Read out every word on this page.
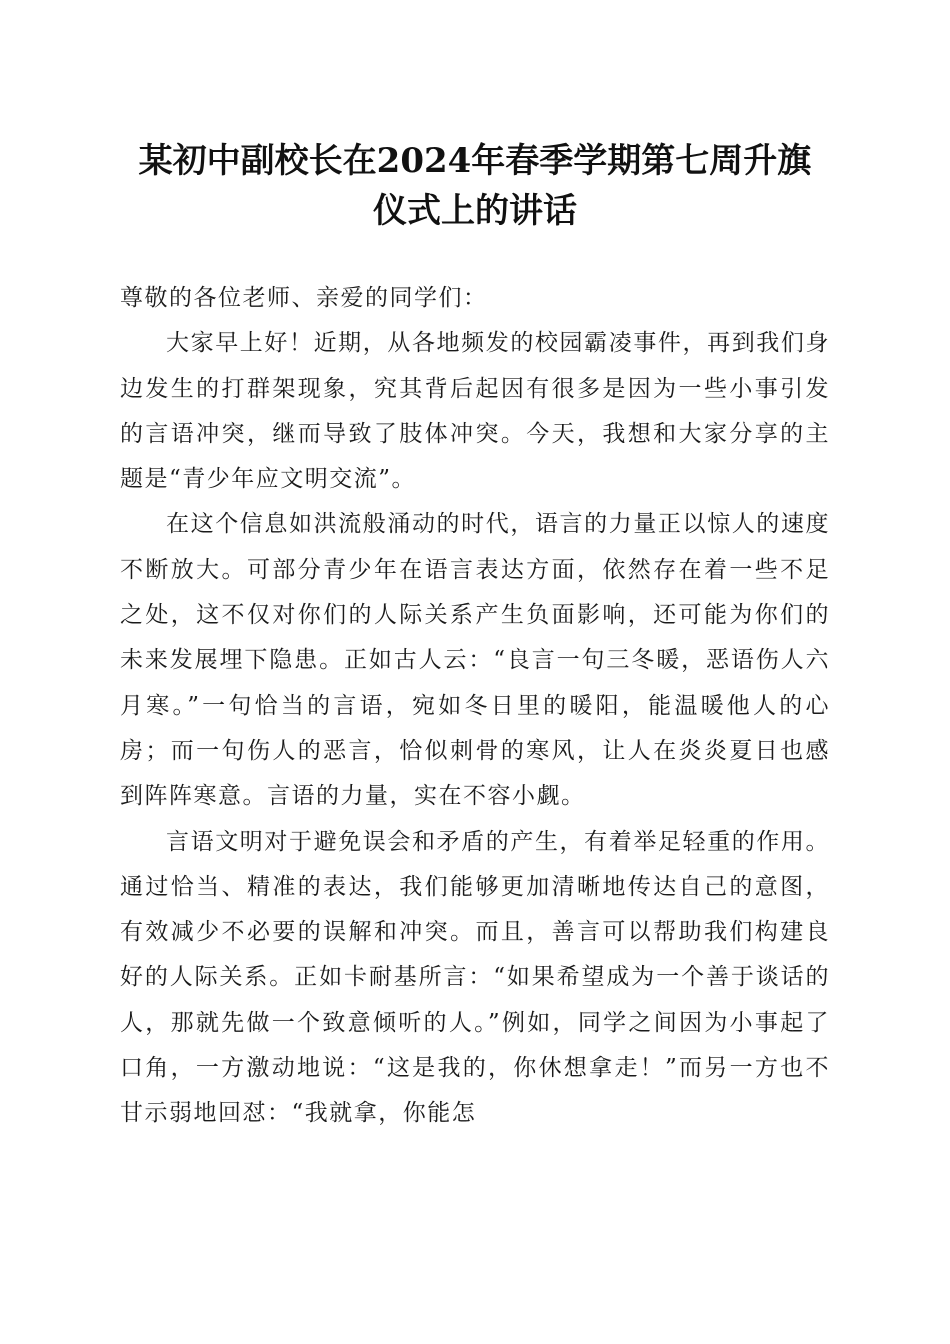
某初中副校长在2024年春季学期第七周升旗
仪式上的讲话

尊敬的各位老师、亲爱的同学们：

大家早上好！近期，从各地频发的校园霸凌事件，再到我们身边发生的打群架现象，究其背后起因有很多是因为一些小事引发的言语冲突，继而导致了肢体冲突。今天，我想和大家分享的主题是“青少年应文明交流”。

在这个信息如洪流般涌动的时代，语言的力量正以惊人的速度不断放大。可部分青少年在语言表达方面，依然存在着一些不足之处，这不仅对你们的人际关系产生负面影响，还可能为你们的未来发展埋下隐患。正如古人云：“良言一句三冬暖，恶语伤人六月寒。”一句恰当的言语，宛如冬日里的暖阳，能温暖他人的心房；而一句伤人的恶言，恰似刺骨的寒风，让人在炎炎夏日也感到阵阵寒意。言语的力量，实在不容小觑。

言语文明对于避免误会和矛盾的产生，有着举足轻重的作用。通过恰当、精准的表达，我们能够更加清晰地传达自己的意图，有效减少不必要的误解和冲突。而且，善言可以帮助我们构建良好的人际关系。正如卡耐基所言：“如果希望成为一个善于谈话的人，那就先做一个致意倾听的人。”例如，同学之间因为小事起了口角，一方激动地说：“这是我的，你休想拿走！”而另一方也不甘示弱地回怼：“我就拿，你能怎
